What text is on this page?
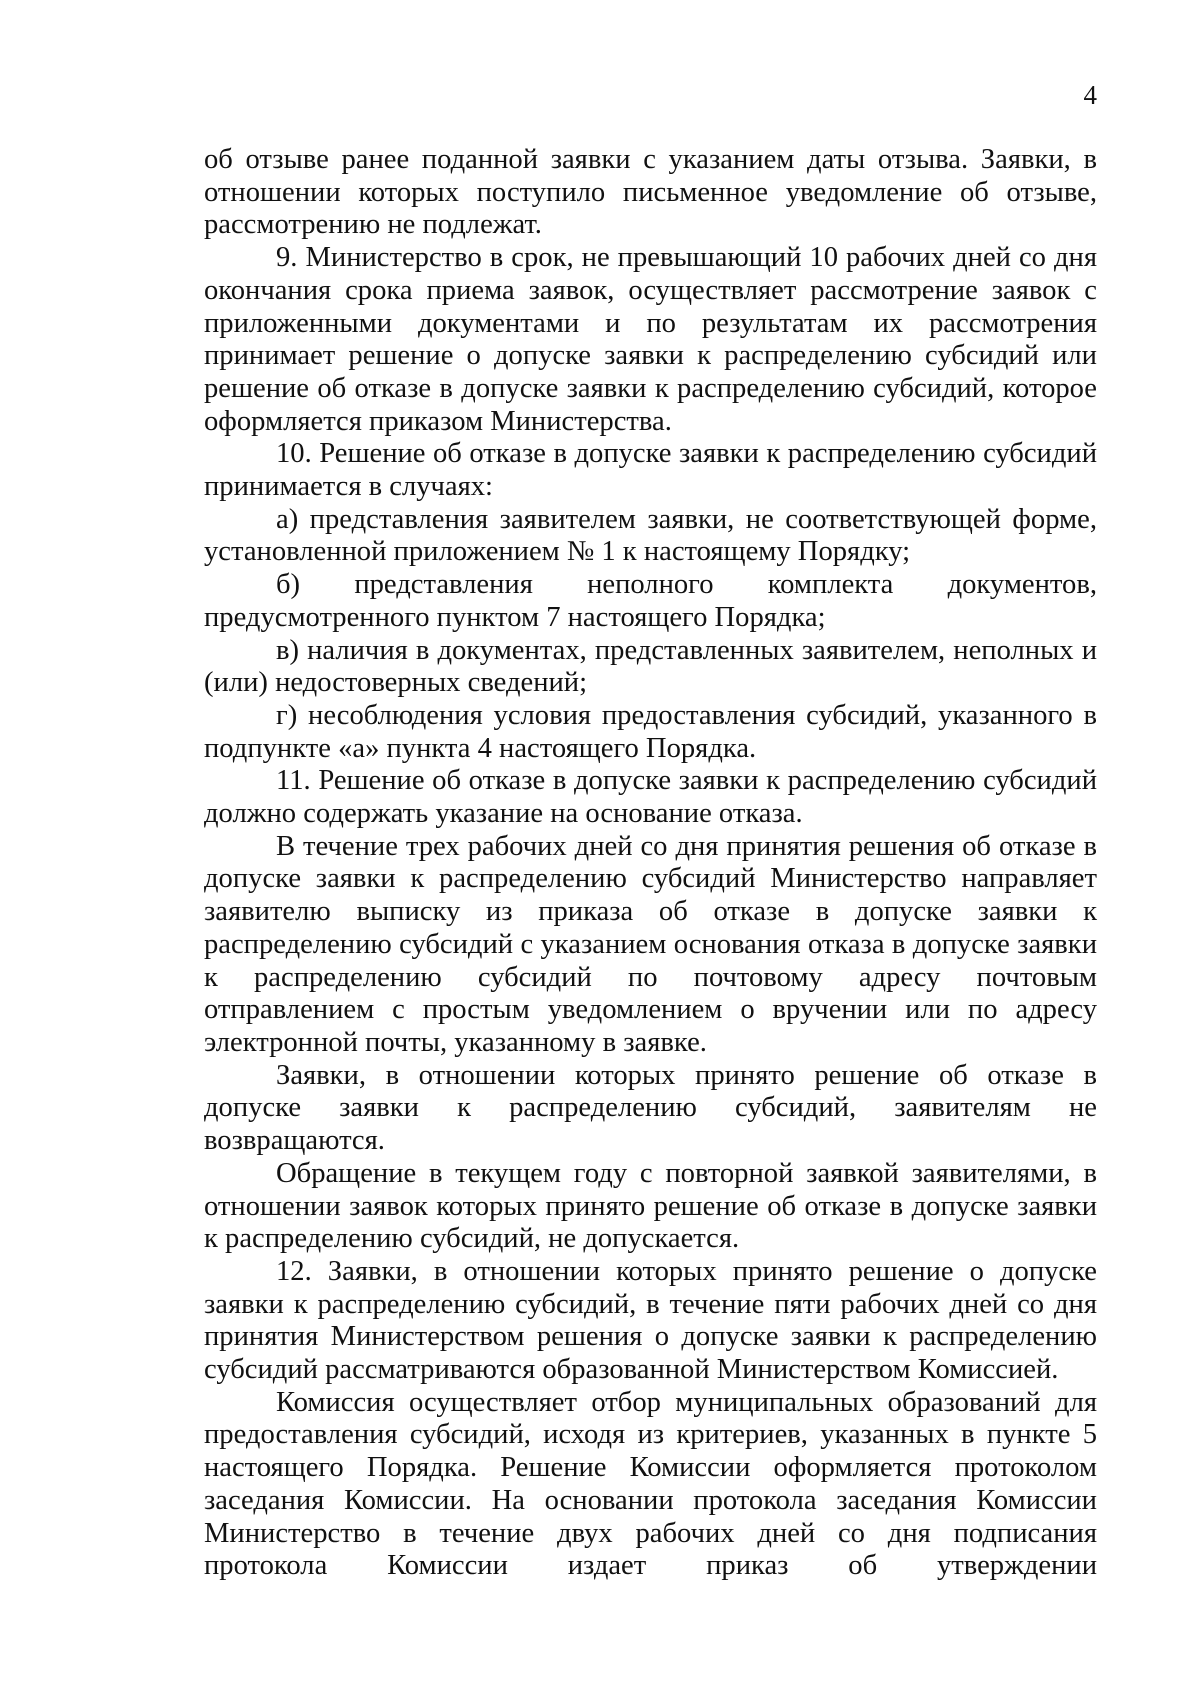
4

об отзыве ранее поданной заявки с указанием даты отзыва. Заявки, в отношении которых поступило письменное уведомление об отзыве, рассмотрению не подлежат.

9. Министерство в срок, не превышающий 10 рабочих дней со дня окончания срока приема заявок, осуществляет рассмотрение заявок с приложенными документами и по результатам их рассмотрения принимает решение о допуске заявки к распределению субсидий или решение об отказе в допуске заявки к распределению субсидий, которое оформляется приказом Министерства.

10. Решение об отказе в допуске заявки к распределению субсидий принимается в случаях:

а) представления заявителем заявки, не соответствующей форме, установленной приложением № 1 к настоящему Порядку;

б) представления неполного комплекта документов, предусмотренного пунктом 7 настоящего Порядка;

в) наличия в документах, представленных заявителем, неполных и (или) недостоверных сведений;

г) несоблюдения условия предоставления субсидий, указанного в подпункте «а» пункта 4 настоящего Порядка.

11. Решение об отказе в допуске заявки к распределению субсидий должно содержать указание на основание отказа.

В течение трех рабочих дней со дня принятия решения об отказе в допуске заявки к распределению субсидий Министерство направляет заявителю выписку из приказа об отказе в допуске заявки к распределению субсидий с указанием основания отказа в допуске заявки к распределению субсидий по почтовому адресу почтовым отправлением с простым уведомлением о вручении или по адресу электронной почты, указанному в заявке.

Заявки, в отношении которых принято решение об отказе в допуске заявки к распределению субсидий, заявителям не возвращаются.

Обращение в текущем году с повторной заявкой заявителями, в отношении заявок которых принято решение об отказе в допуске заявки к распределению субсидий, не допускается.

12. Заявки, в отношении которых принято решение о допуске заявки к распределению субсидий, в течение пяти рабочих дней со дня принятия Министерством решения о допуске заявки к распределению субсидий рассматриваются образованной Министерством Комиссией.

Комиссия осуществляет отбор муниципальных образований для предоставления субсидий, исходя из критериев, указанных в пункте 5 настоящего Порядка. Решение Комиссии оформляется протоколом заседания Комиссии. На основании протокола заседания Комиссии Министерство в течение двух рабочих дней со дня подписания протокола Комиссии издает приказ об утверждении
